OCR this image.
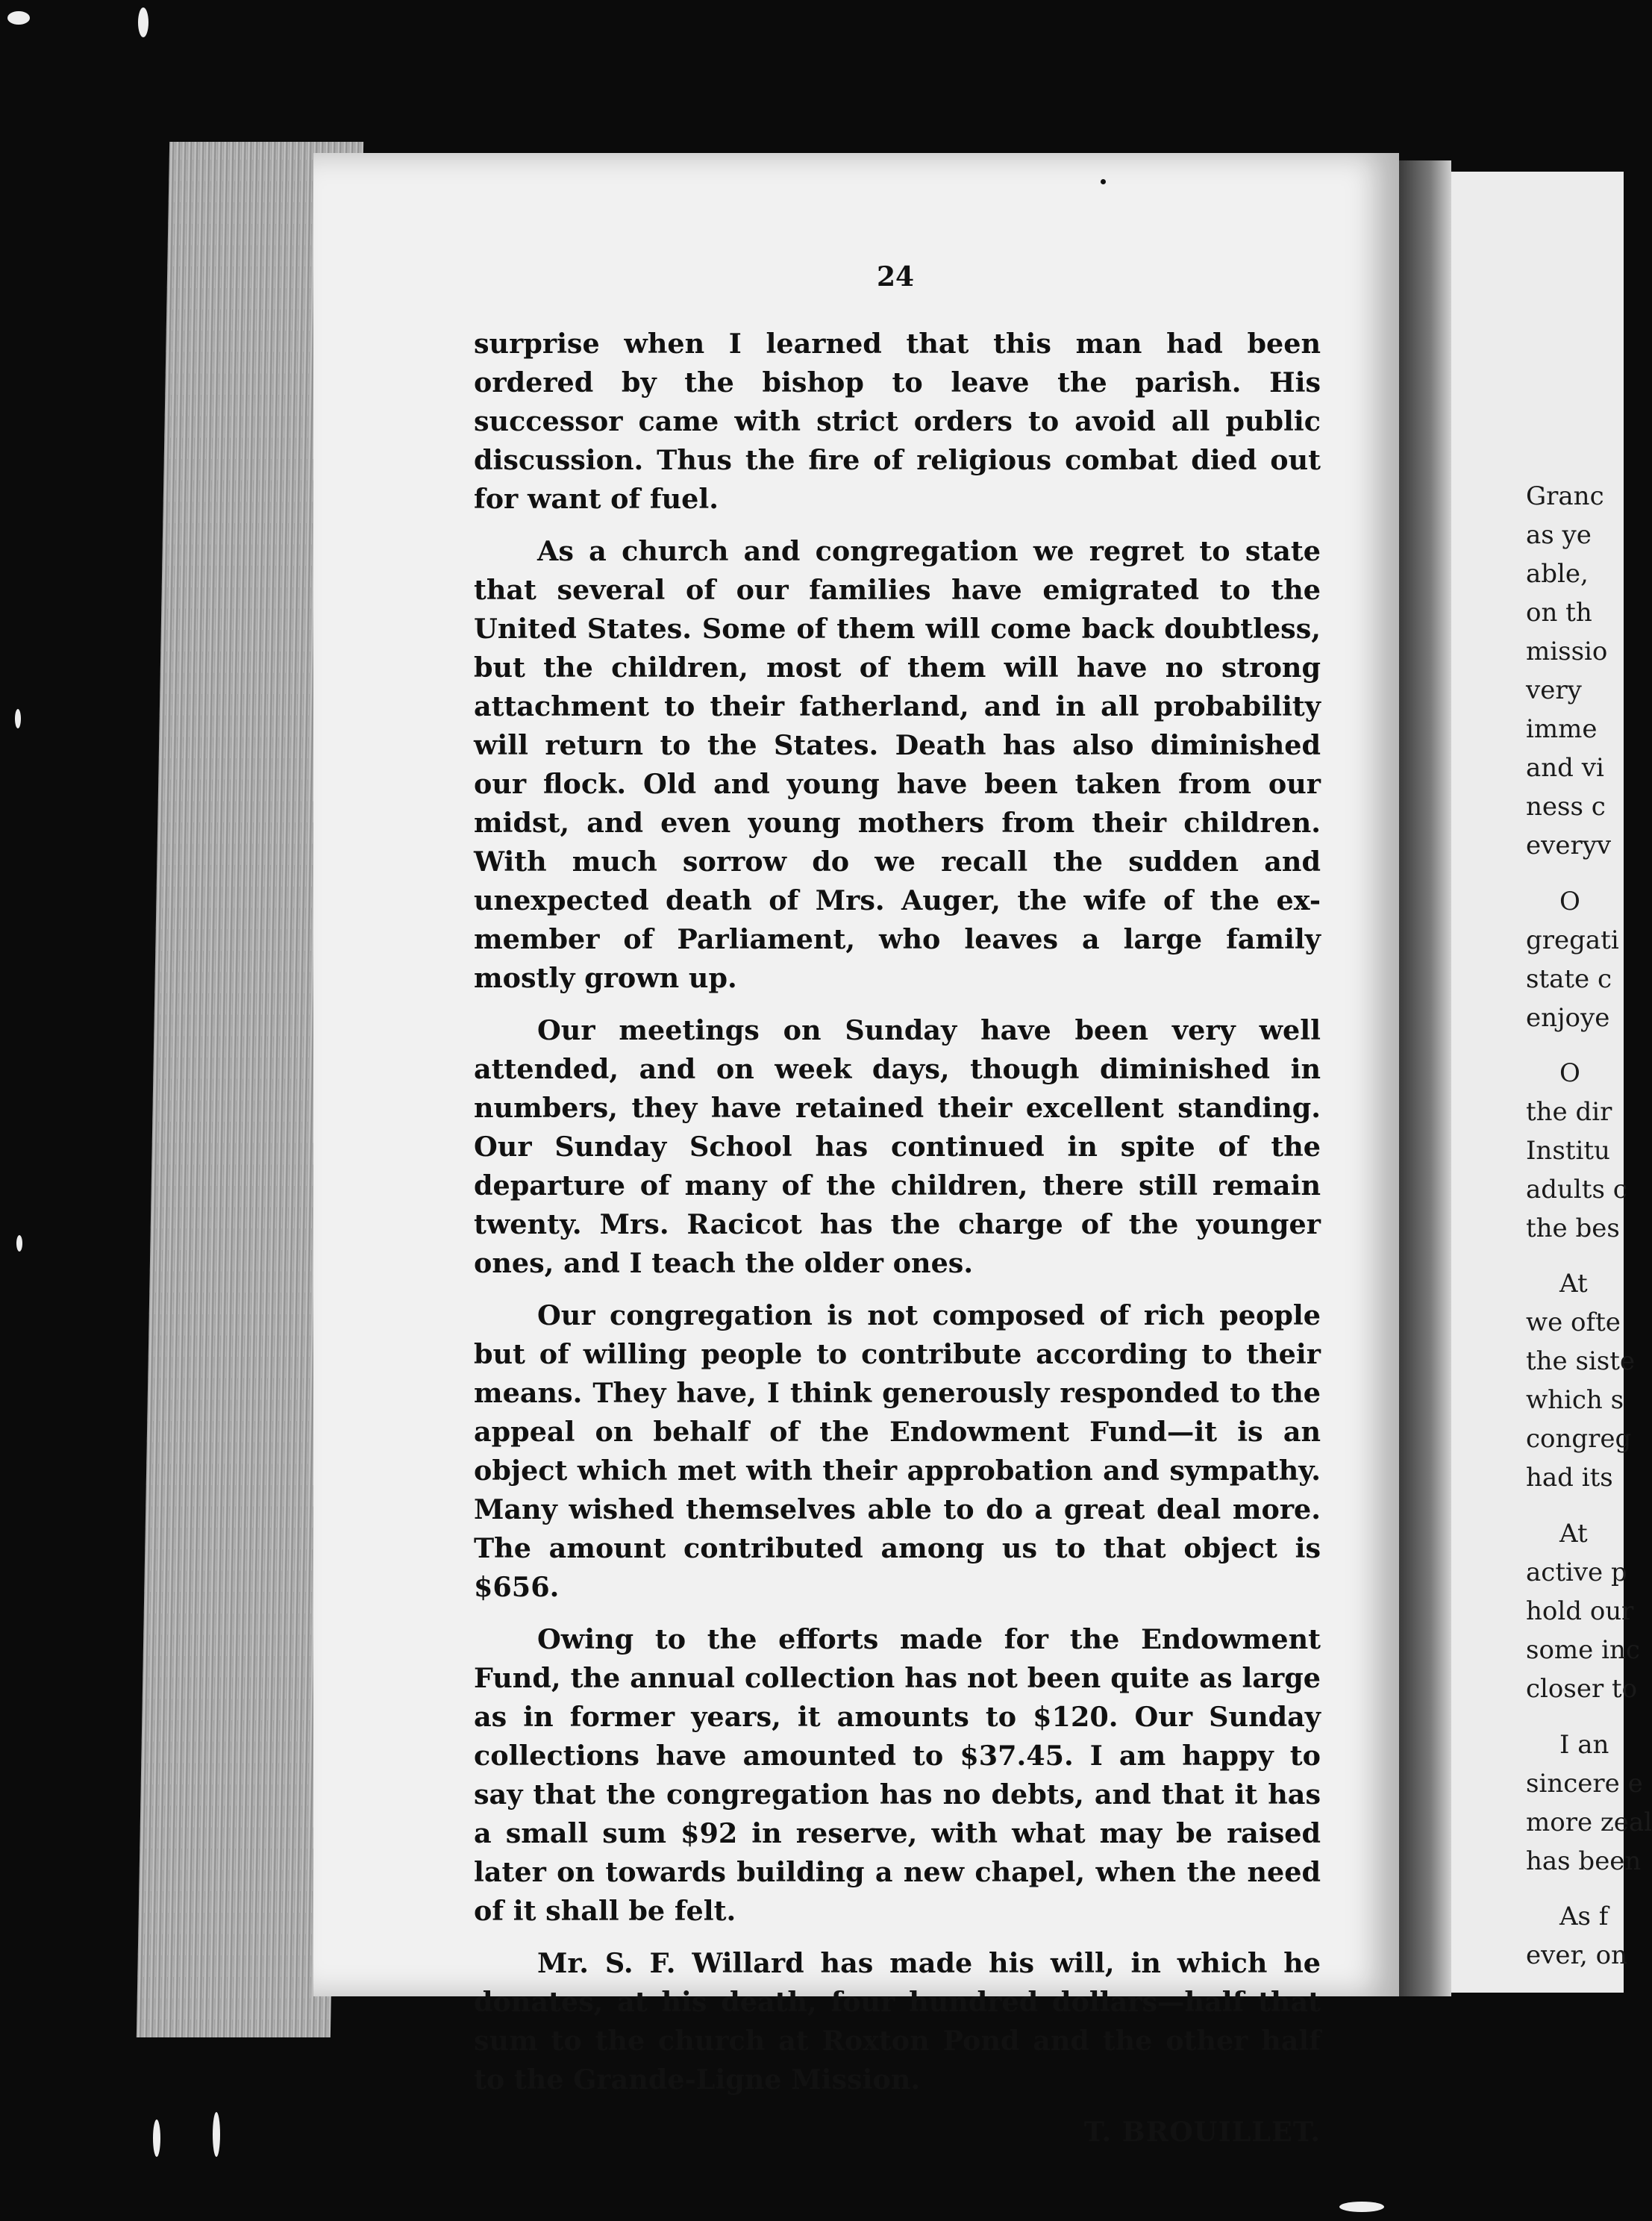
Granc
as ye
able,
on th
missio
very
imme
and vi
ness c
everyv
O
gregati
state c
enjoye
O
the dir
Institu
adults c
the bes
At
we ofte
the siste
which s
congreg
had its
At
active p
hold our
some inc
closer to
I an
sincere e
more zeal
has been
As f
ever, on
24

surprise when I learned that this man had been ordered by the bishop to leave the parish. His successor came with strict orders to avoid all public discussion. Thus the fire of religious combat died out for want of fuel.

As a church and congregation we regret to state that several of our families have emigrated to the United States. Some of them will come back doubtless, but the children, most of them will have no strong attachment to their fatherland, and in all probability will return to the States. Death has also diminished our flock. Old and young have been taken from our midst, and even young mothers from their children. With much sorrow do we recall the sudden and unexpected death of Mrs. Auger, the wife of the ex-member of Parliament, who leaves a large family mostly grown up.

Our meetings on Sunday have been very well attended, and on week days, though diminished in numbers, they have retained their excellent standing. Our Sunday School has continued in spite of the departure of many of the children, there still remain twenty. Mrs. Racicot has the charge of the younger ones, and I teach the older ones.

Our congregation is not composed of rich people but of willing people to contribute according to their means. They have, I think generously responded to the appeal on behalf of the Endowment Fund—it is an object which met with their approbation and sympathy. Many wished themselves able to do a great deal more. The amount contributed among us to that object is $656.

Owing to the efforts made for the Endowment Fund, the annual collection has not been quite as large as in former years, it amounts to $120. Our Sunday collections have amounted to $37.45. I am happy to say that the congregation has no debts, and that it has a small sum $92 in reserve, with what may be raised later on towards building a new chapel, when the need of it shall be felt.

Mr. S. F. Willard has made his will, in which he donates, at his death, four hundred dollars—half that sum to the church at Roxton Pond and the other half to the Grande-Ligne Mission.

T. BROUILLET.
